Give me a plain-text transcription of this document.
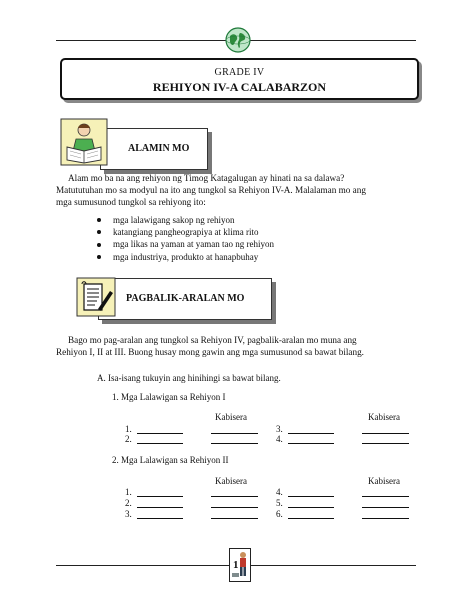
GRADE IV
REHIYON IV-A CALABARZON
ALAMIN MO
Alam mo ba na ang rehiyon ng Timog Katagalugan ay hinati na sa dalawa?
Matututuhan mo sa modyul na ito ang tungkol sa Rehiyon IV-A. Malalaman mo ang
mga sumusunod tungkol sa rehiyong ito:
mga lalawigang sakop ng rehiyon
katangiang pangheograpiya at klima rito
mga likas na yaman at yaman tao ng rehiyon
mga industriya, produkto at hanapbuhay
PAGBALIK-ARALAN MO
Bago mo pag-aralan ang tungkol sa Rehiyon IV, pagbalik-aralan mo muna ang
Rehiyon I, II at III. Buong husay mong gawin ang mga sumusunod sa bawat bilang.
A. Isa-isang tukuyin ang hinihingi sa bawat bilang.
1. Mga Lalawigan sa Rehiyon I
Kabisera	Kabisera
1.	3.
2.	4.
2. Mga Lalawigan sa Rehiyon II
Kabisera	Kabisera
1.	4.
2.	5.
3.	6.
1
